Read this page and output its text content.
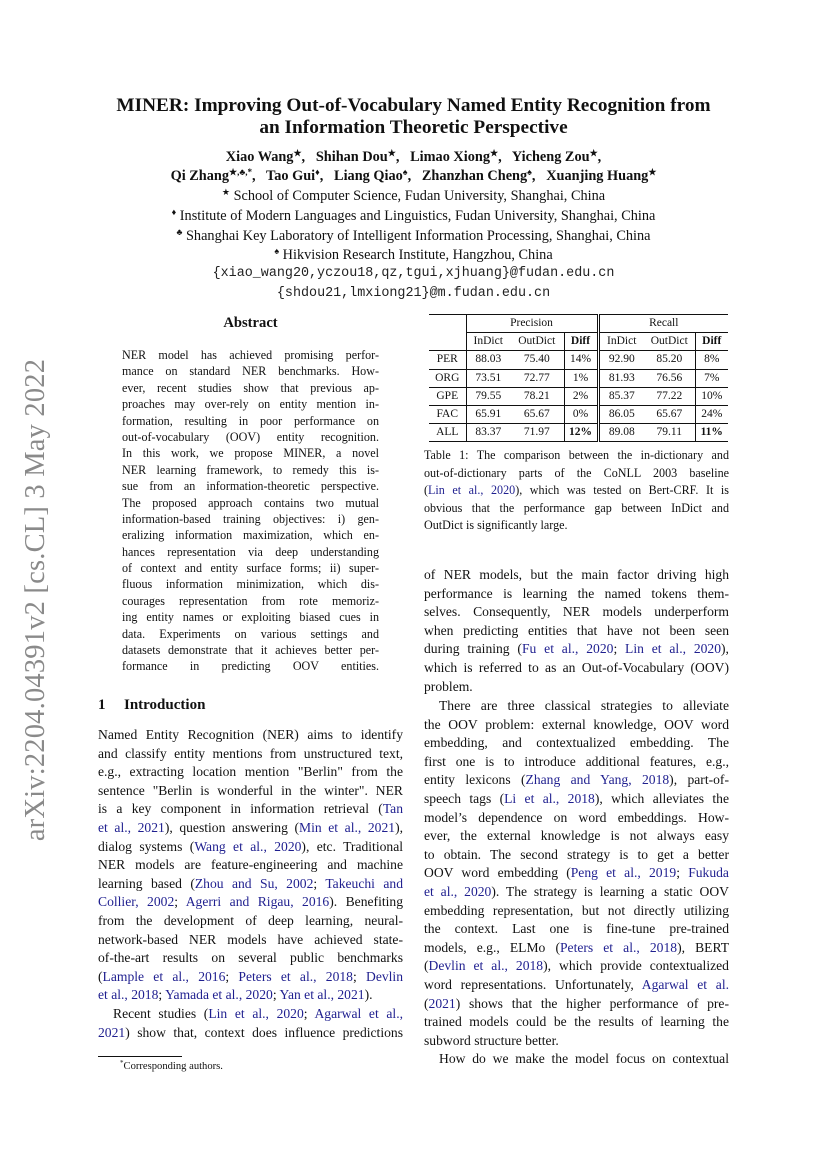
arXiv:2204.04391v2 [cs.CL] 3 May 2022
MINER: Improving Out-of-Vocabulary Named Entity Recognition from
an Information Theoretic Perspective
Xiao Wang★,   Shihan Dou★,   Limao Xiong★,   Yicheng Zou★,
Qi Zhang★,♣,*,   Tao Gui♦,   Liang Qiao♠,   Zhanzhan Cheng♠,   Xuanjing Huang★
★ School of Computer Science, Fudan University, Shanghai, China
♦ Institute of Modern Languages and Linguistics, Fudan University, Shanghai, China
♣ Shanghai Key Laboratory of Intelligent Information Processing, Shanghai, China
♠ Hikvision Research Institute, Hangzhou, China
{xiao_wang20,yczou18,qz,tgui,xjhuang}@fudan.edu.cn
{shdou21,lmxiong21}@m.fudan.edu.cn
Abstract
NER model has achieved promising perfor-
mance on standard NER benchmarks. How-
ever, recent studies show that previous ap-
proaches may over-rely on entity mention in-
formation, resulting in poor performance on
out-of-vocabulary (OOV) entity recognition.
In this work, we propose MINER, a novel
NER learning framework, to remedy this is-
sue from an information-theoretic perspective.
The proposed approach contains two mutual
information-based training objectives: i) gen-
eralizing information maximization, which en-
hances representation via deep understanding
of context and entity surface forms; ii) super-
fluous information minimization, which dis-
courages representation from rote memoriz-
ing entity names or exploiting biased cues in
data. Experiments on various settings and
datasets demonstrate that it achieves better per-
formance in predicting OOV entities.
1 Introduction
Named Entity Recognition (NER) aims to identify
and classify entity mentions from unstructured text,
e.g., extracting location mention "Berlin" from the
sentence "Berlin is wonderful in the winter". NER
is a key component in information retrieval (Tan
et al., 2021), question answering (Min et al., 2021),
dialog systems (Wang et al., 2020), etc. Traditional
NER models are feature-engineering and machine
learning based (Zhou and Su, 2002; Takeuchi and
Collier, 2002; Agerri and Rigau, 2016). Benefiting
from the development of deep learning, neural-
network-based NER models have achieved state-
of-the-art results on several public benchmarks
(Lample et al., 2016; Peters et al., 2018; Devlin
et al., 2018; Yamada et al., 2020; Yan et al., 2021).
Recent studies (Lin et al., 2020; Agarwal et al.,
2021) show that, context does influence predictions
of NER models, but the main factor driving high
performance is learning the named tokens them-
selves. Consequently, NER models underperform
when predicting entities that have not been seen
during training (Fu et al., 2020; Lin et al., 2020),
which is referred to as an Out-of-Vocabulary (OOV)
problem.
There are three classical strategies to alleviate
the OOV problem: external knowledge, OOV word
embedding, and contextualized embedding. The
first one is to introduce additional features, e.g.,
entity lexicons (Zhang and Yang, 2018), part-of-
speech tags (Li et al., 2018), which alleviates the
model’s dependence on word embeddings. How-
ever, the external knowledge is not always easy
to obtain. The second strategy is to get a better
OOV word embedding (Peng et al., 2019; Fukuda
et al., 2020). The strategy is learning a static OOV
embedding representation, but not directly utilizing
the context. Last one is fine-tune pre-trained
models, e.g., ELMo (Peters et al., 2018), BERT
(Devlin et al., 2018), which provide contextualized
word representations. Unfortunately, Agarwal et al.
(2021) shows that the higher performance of pre-
trained models could be the results of learning the
subword structure better.
How do we make the model focus on contextual
*Corresponding authors.
	Precision			Recall		
	InDict	OutDict	Diff	InDict	OutDict	Diff
PER	88.03	75.40	14%	92.90	85.20	8%
ORG	73.51	72.77	1%	81.93	76.56	7%
GPE	79.55	78.21	2%	85.37	77.22	10%
FAC	65.91	65.67	0%	86.05	65.67	24%
ALL	83.37	71.97	12%	89.08	79.11	11%
Table 1: The comparison between the in-dictionary and
out-of-dictionary parts of the CoNLL 2003 baseline
(Lin et al., 2020), which was tested on Bert-CRF. It is
obvious that the performance gap between InDict and
OutDict is significantly large.
